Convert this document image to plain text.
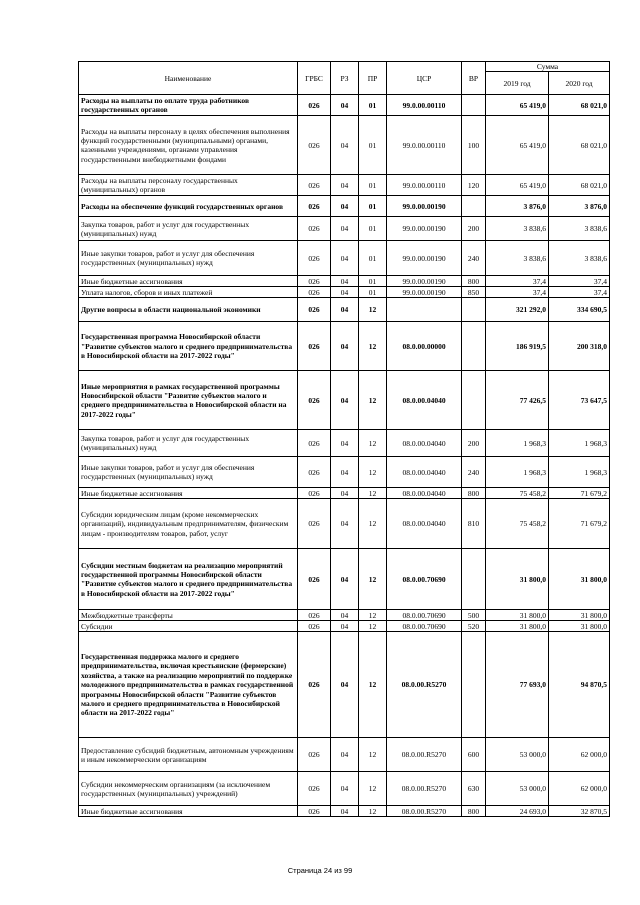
Наименование	ГРБС	РЗ	ПР	ЦСР	ВР	Сумма	
						2019 год	2020 год
Расходы на выплаты по оплате труда работников государственных органов	026	04	01	99.0.00.00110		65 419,0	68 021,0
Расходы на выплаты персоналу в целях обеспечения выполнения функций государственными (муниципальными) органами, казенными учреждениями, органами управления государственными внебюджетными фондами	026	04	01	99.0.00.00110	100	65 419,0	68 021,0
Расходы на выплаты персоналу государственных (муниципальных) органов	026	04	01	99.0.00.00110	120	65 419,0	68 021,0
Расходы на обеспечение функций государственных органов	026	04	01	99.0.00.00190		3 876,0	3 876,0
Закупка товаров, работ и услуг для государственных (муниципальных) нужд	026	04	01	99.0.00.00190	200	3 838,6	3 838,6
Иные закупки товаров, работ и услуг для обеспечения государственных (муниципальных) нужд	026	04	01	99.0.00.00190	240	3 838,6	3 838,6
Иные бюджетные ассигнования	026	04	01	99.0.00.00190	800	37,4	37,4
Уплата налогов, сборов и иных платежей	026	04	01	99.0.00.00190	850	37,4	37,4
Другие вопросы в области национальной экономики	026	04	12			321 292,0	334 690,5
Государственная программа Новосибирской области "Развитие субъектов малого и среднего предпринимательства в Новосибирской области на 2017-2022 годы"	026	04	12	08.0.00.00000		186 919,5	200 318,0
Иные мероприятия в рамках государственной программы Новосибирской области "Развитие субъектов малого и среднего предпринимательства в Новосибирской области на 2017-2022 годы"	026	04	12	08.0.00.04040		77 426,5	73 647,5
Закупка товаров, работ и услуг для государственных (муниципальных) нужд	026	04	12	08.0.00.04040	200	1 968,3	1 968,3
Иные закупки товаров, работ и услуг для обеспечения государственных (муниципальных) нужд	026	04	12	08.0.00.04040	240	1 968,3	1 968,3
Иные бюджетные ассигнования	026	04	12	08.0.00.04040	800	75 458,2	71 679,2
Субсидии юридическим лицам (кроме некоммерческих организаций), индивидуальным предпринимателям, физическим лицам - производителям товаров, работ, услуг	026	04	12	08.0.00.04040	810	75 458,2	71 679,2
Субсидии местным бюджетам на реализацию мероприятий государственной программы Новосибирской области "Развитие субъектов малого и среднего предпринимательства в Новосибирской области на 2017-2022 годы"	026	04	12	08.0.00.70690		31 800,0	31 800,0
Межбюджетные трансферты	026	04	12	08.0.00.70690	500	31 800,0	31 800,0
Субсидии	026	04	12	08.0.00.70690	520	31 800,0	31 800,0
Государственная поддержка малого и среднего предпринимательства, включая крестьянские (фермерские) хозяйства, а также на реализацию мероприятий по поддержке молодежного предпринимательства в рамках государственной программы Новосибирской области "Развитие субъектов малого и среднего предпринимательства в Новосибирской области на 2017-2022 годы"	026	04	12	08.0.00.R5270		77 693,0	94 870,5
Предоставление субсидий бюджетным, автономным учреждениям и иным некоммерческим организациям	026	04	12	08.0.00.R5270	600	53 000,0	62 000,0
Субсидии некоммерческим организациям (за исключением государственных (муниципальных) учреждений)	026	04	12	08.0.00.R5270	630	53 000,0	62 000,0
Иные бюджетные ассигнования	026	04	12	08.0.00.R5270	800	24 693,0	32 870,5
Страница 24 из 99
